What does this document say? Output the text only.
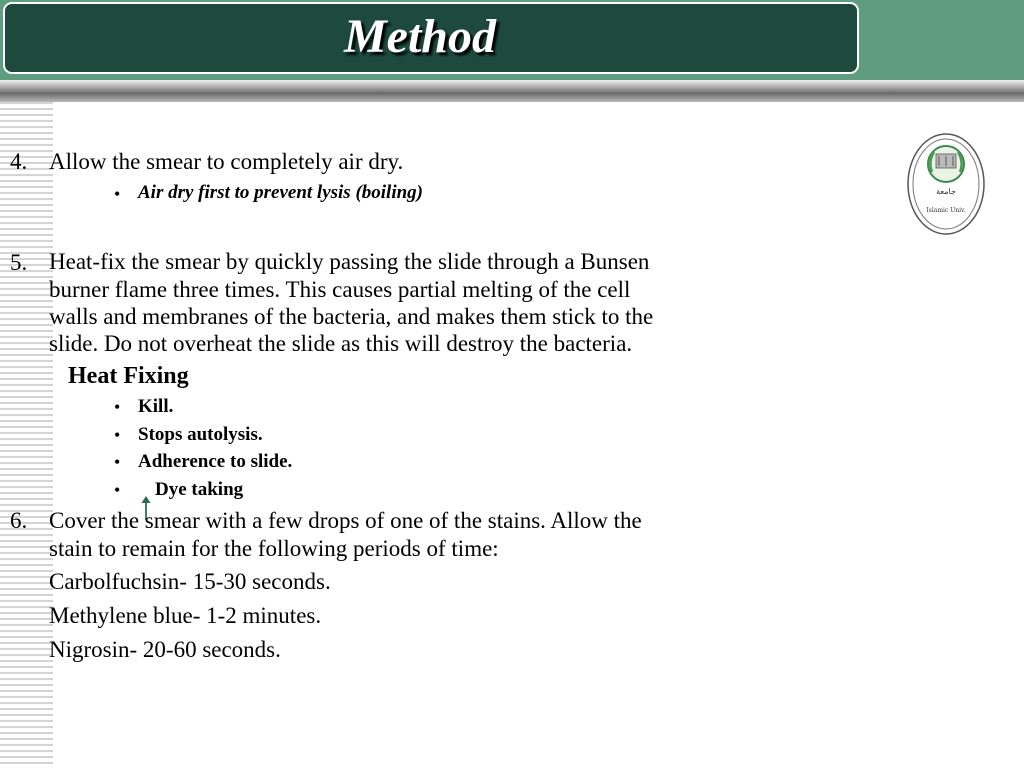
Method
جامعة
Islamic Univ.
4. Allow the smear to completely air dry.
• Air dry first to prevent lysis (boiling)
5. Heat-fix the smear by quickly passing the slide through a Bunsen
burner flame three times. This causes partial melting of the cell
walls and membranes of the bacteria, and makes them stick to the
slide. Do not overheat the slide as this will destroy the bacteria.
Heat Fixing
• Kill.
• Stops autolysis.
• Adherence to slide.
• Dye taking
6. Cover the smear with a few drops of one of the stains. Allow the
stain to remain for the following periods of time:
Carbolfuchsin- 15-30 seconds.
Methylene blue- 1-2 minutes.
Nigrosin- 20-60 seconds.
